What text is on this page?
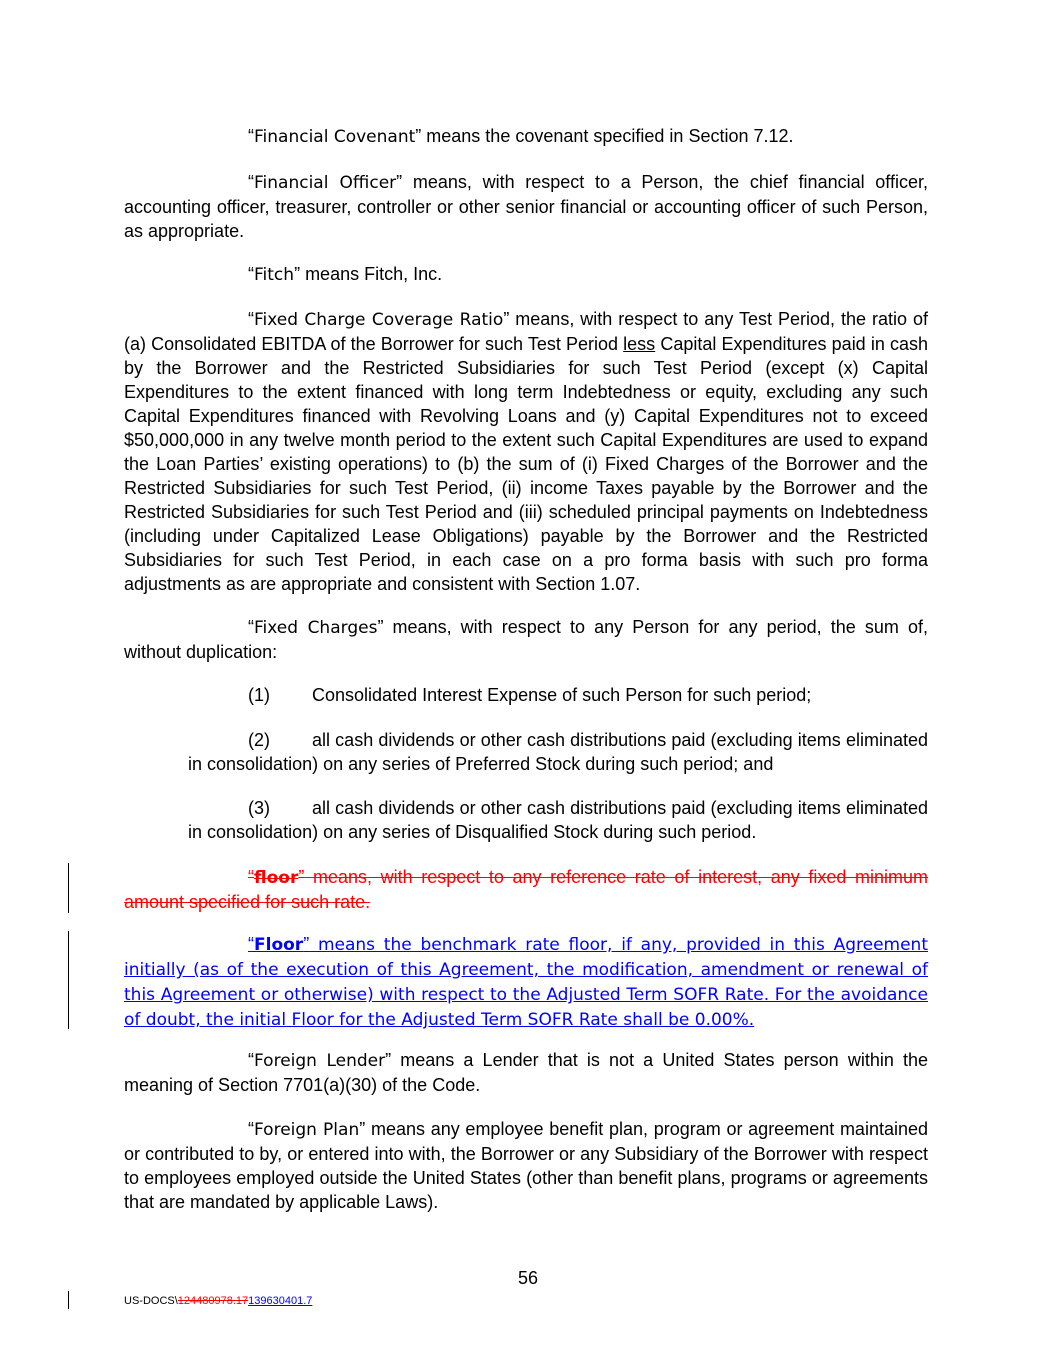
“Financial Covenant” means the covenant specified in Section 7.12.

“Financial Officer” means, with respect to a Person, the chief financial officer, accounting officer, treasurer, controller or other senior financial or accounting officer of such Person, as appropriate.

“Fitch” means Fitch, Inc.

“Fixed Charge Coverage Ratio” means, with respect to any Test Period, the ratio of (a) Consolidated EBITDA of the Borrower for such Test Period less Capital Expenditures paid in cash by the Borrower and the Restricted Subsidiaries for such Test Period (except (x) Capital Expenditures to the extent financed with long term Indebtedness or equity, excluding any such Capital Expenditures financed with Revolving Loans and (y) Capital Expenditures not to exceed $50,000,000 in any twelve month period to the extent such Capital Expenditures are used to expand the Loan Parties’ existing operations) to (b) the sum of (i) Fixed Charges of the Borrower and the Restricted Subsidiaries for such Test Period, (ii) income Taxes payable by the Borrower and the Restricted Subsidiaries for such Test Period and (iii) scheduled principal payments on Indebtedness (including under Capitalized Lease Obligations) payable by the Borrower and the Restricted Subsidiaries for such Test Period, in each case on a pro forma basis with such pro forma adjustments as are appropriate and consistent with Section 1.07.

“Fixed Charges” means, with respect to any Person for any period, the sum of, without duplication:

(1) Consolidated Interest Expense of such Person for such period;

(2) all cash dividends or other cash distributions paid (excluding items eliminated in consolidation) on any series of Preferred Stock during such period; and

(3) all cash dividends or other cash distributions paid (excluding items eliminated in consolidation) on any series of Disqualified Stock during such period.

“floor” means, with respect to any reference rate of interest, any fixed minimum amount specified for such rate.

“Floor” means the benchmark rate floor, if any, provided in this Agreement initially (as of the execution of this Agreement, the modification, amendment or renewal of this Agreement or otherwise) with respect to the Adjusted Term SOFR Rate. For the avoidance of doubt, the initial Floor for the Adjusted Term SOFR Rate shall be 0.00%.

“Foreign Lender” means a Lender that is not a United States person within the meaning of Section 7701(a)(30) of the Code.

“Foreign Plan” means any employee benefit plan, program or agreement maintained or contributed to by, or entered into with, the Borrower or any Subsidiary of the Borrower with respect to employees employed outside the United States (other than benefit plans, programs or agreements that are mandated by applicable Laws).

56
US-DOCS\124480978.17139630401.7
